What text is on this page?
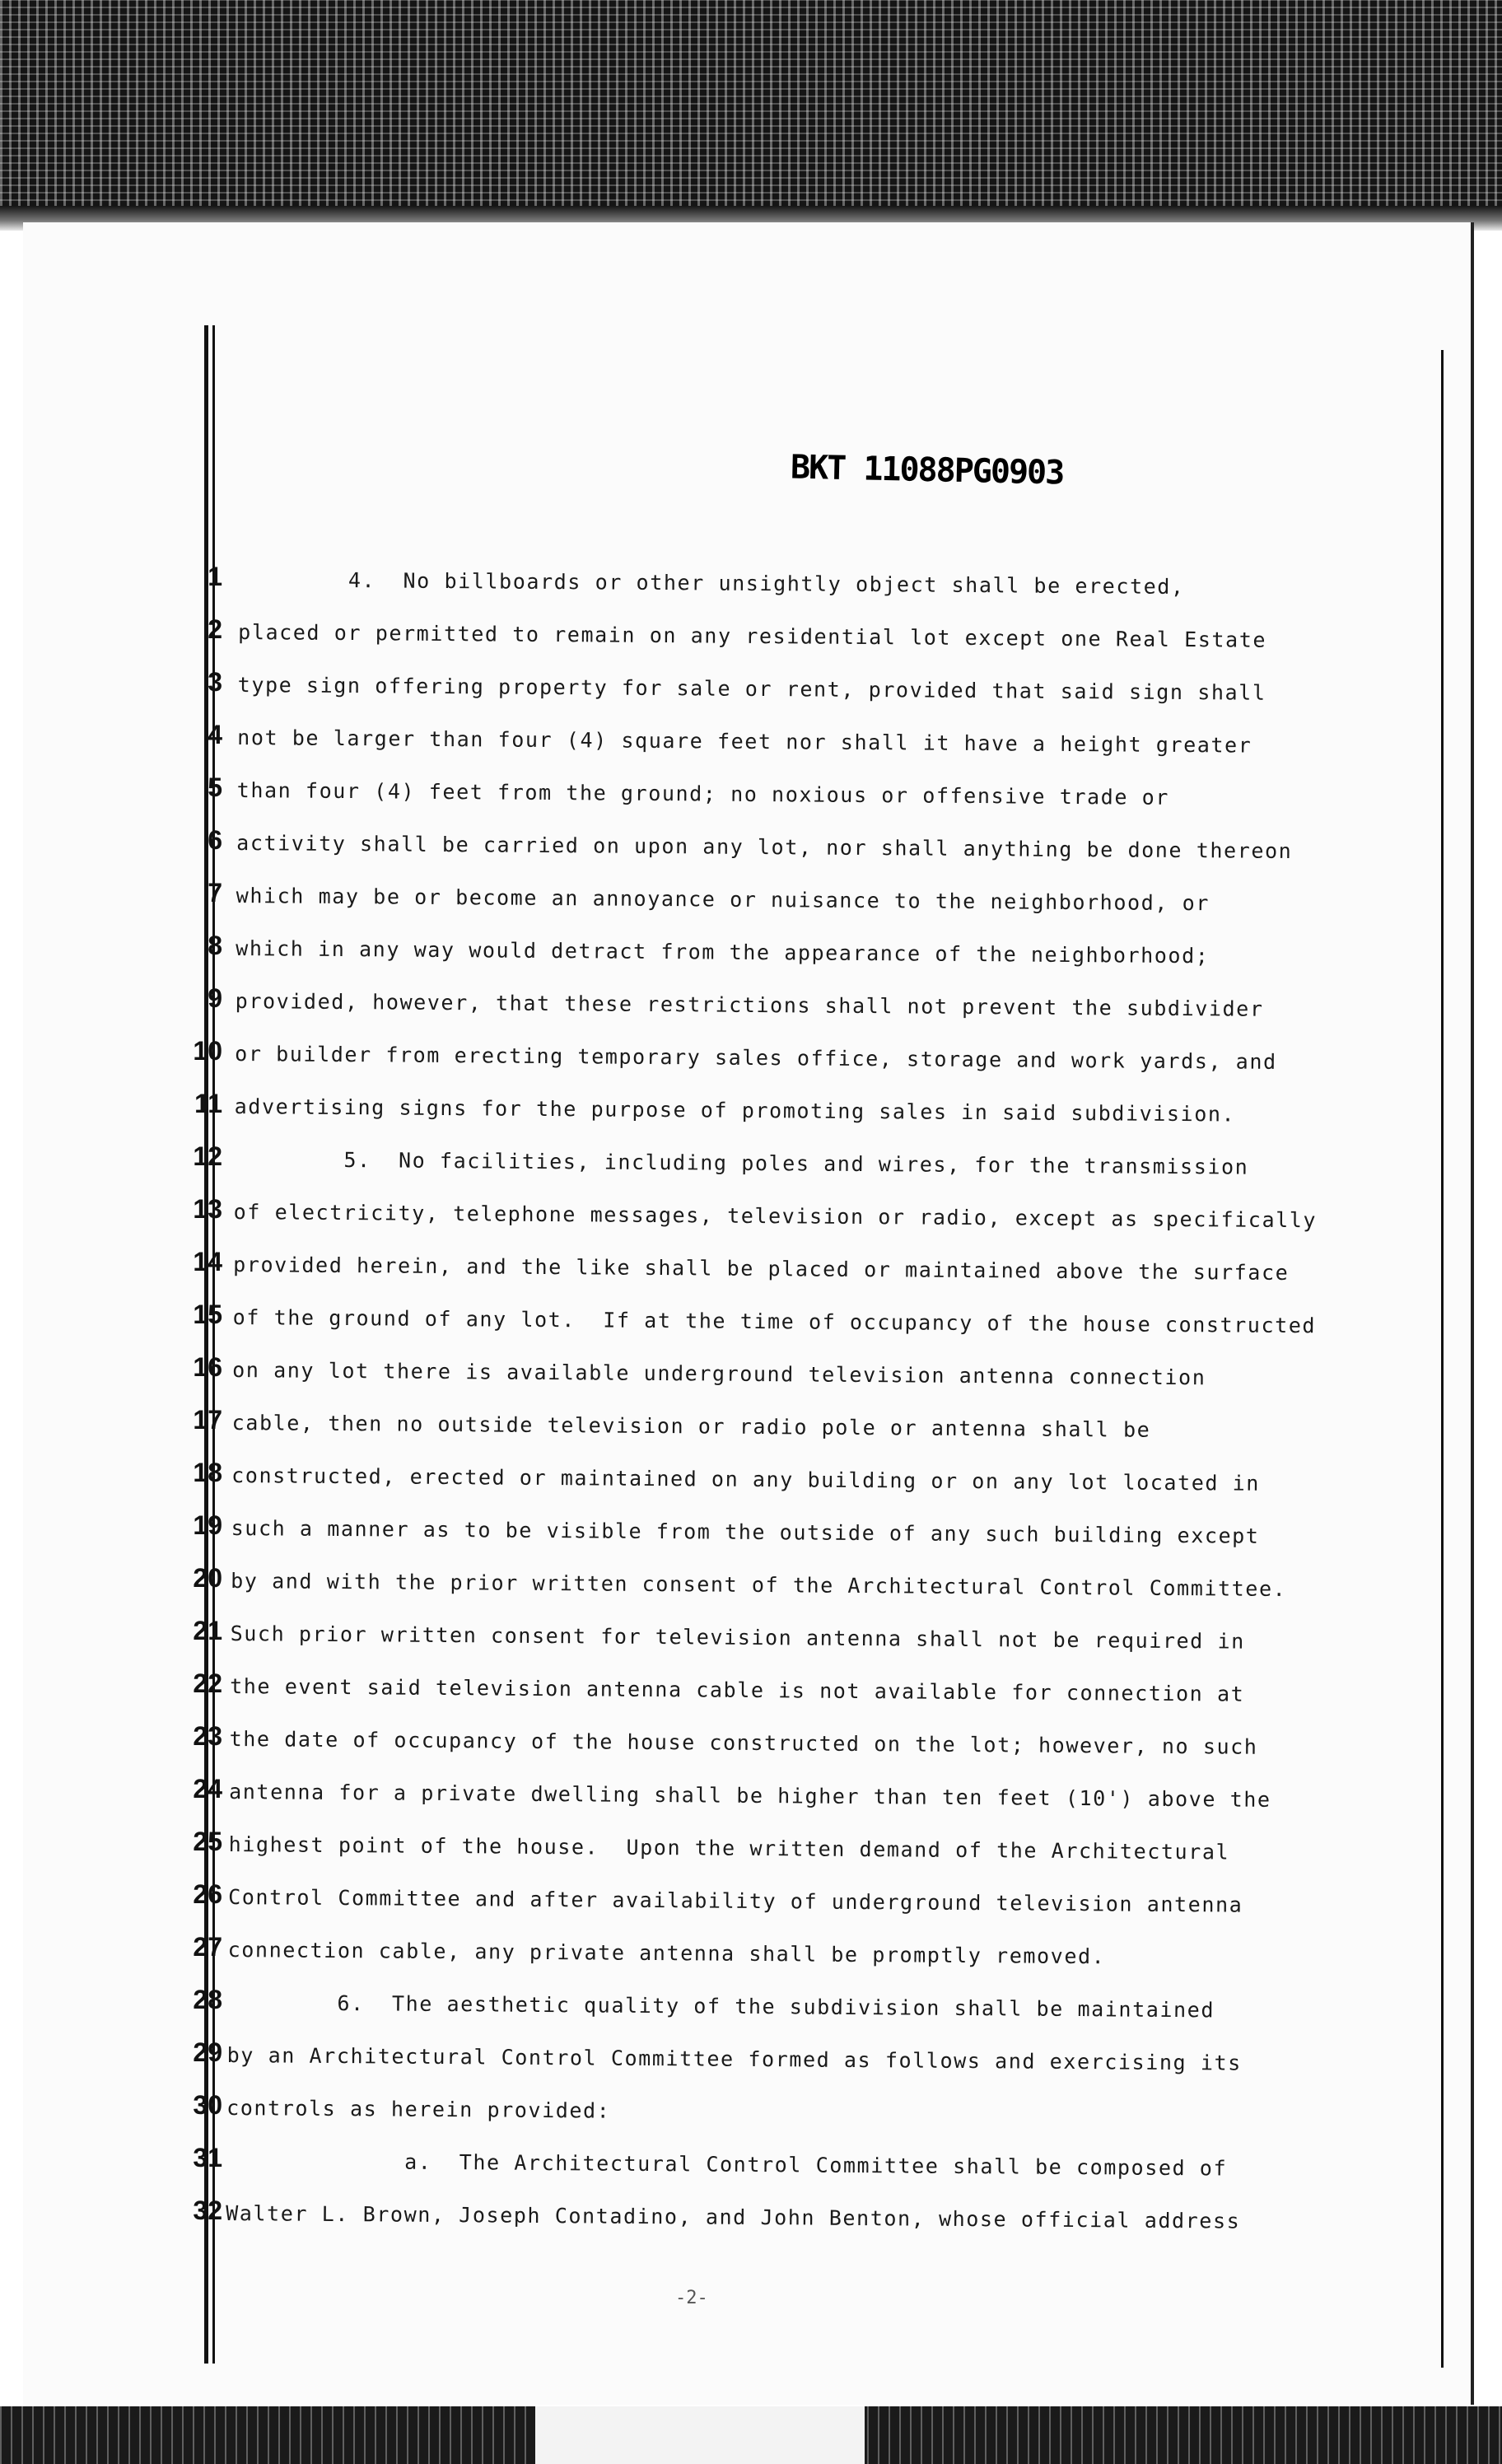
BKT 11088PG0903
1
2
3
4
5
6
7
8
9
10
11
12
13
14
15
16
17
18
19
20
21
22
23
24
25
26
27
28
29
30
31
32
4.  No billboards or other unsightly object shall be erected,
placed or permitted to remain on any residential lot except one Real Estate
type sign offering property for sale or rent, provided that said sign shall
not be larger than four (4) square feet nor shall it have a height greater
than four (4) feet from the ground; no noxious or offensive trade or
activity shall be carried on upon any lot, nor shall anything be done thereon
which may be or become an annoyance or nuisance to the neighborhood, or
which in any way would detract from the appearance of the neighborhood;
provided, however, that these restrictions shall not prevent the subdivider
or builder from erecting temporary sales office, storage and work yards, and
advertising signs for the purpose of promoting sales in said subdivision.
5.  No facilities, including poles and wires, for the transmission
of electricity, telephone messages, television or radio, except as specifically
provided herein, and the like shall be placed or maintained above the surface
of the ground of any lot.  If at the time of occupancy of the house constructed
on any lot there is available underground television antenna connection
cable, then no outside television or radio pole or antenna shall be
constructed, erected or maintained on any building or on any lot located in
such a manner as to be visible from the outside of any such building except
by and with the prior written consent of the Architectural Control Committee.
Such prior written consent for television antenna shall not be required in
the event said television antenna cable is not available for connection at
the date of occupancy of the house constructed on the lot; however, no such
antenna for a private dwelling shall be higher than ten feet (10') above the
highest point of the house.  Upon the written demand of the Architectural
Control Committee and after availability of underground television antenna
connection cable, any private antenna shall be promptly removed.
6.  The aesthetic quality of the subdivision shall be maintained
by an Architectural Control Committee formed as follows and exercising its
controls as herein provided:
a.  The Architectural Control Committee shall be composed of
Walter L. Brown, Joseph Contadino, and John Benton, whose official address
-2-
